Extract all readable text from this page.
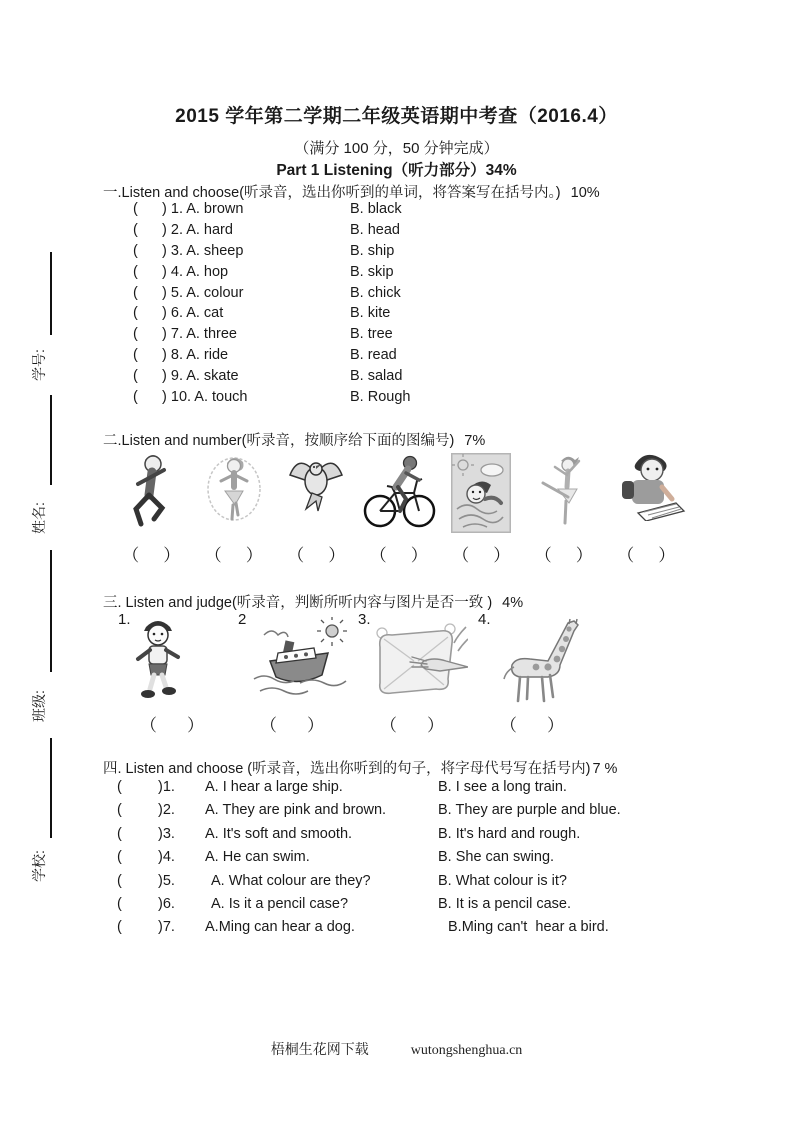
学号:
姓名:
班级:
学校:
2015 学年第二学期二年级英语期中考查（2016.4）
（满分 100 分，50 分钟完成）
Part 1 Listening（听力部分）34%
一.Listen and choose(听录音，选出你听到的单词，将答案写在括号内。) 10%
( ) 1. A. brown	B. black
( ) 2. A. hard	B. head
( ) 3. A. sheep	B. ship
( ) 4. A. hop	B. skip
( ) 5. A. colour	B. chick
( ) 6. A. cat	B. kite
( ) 7. A. three	B. tree
( ) 8. A. ride	B. read
( ) 9. A. skate	B. salad
( ) 10. A. touch	B. Rough
二.Listen and number(听录音，按顺序给下面的图编号) 7%
（ ）	（ ）	（ ）	（ ）	（ ）	（ ）	（ ）
三. Listen and judge(听录音，判断所听内容与图片是否一致 ) 4%
1.	2	3.	4.
（ ）	（ ）	（ ）	（ ）
四. Listen and choose (听录音，选出你听到的句子，将字母代号写在括号内) 7 %
( )1. A. I hear a large ship.	B. I see a long train.
( )2. A. They are pink and brown.	B. They are purple and blue.
( )3. A. It's soft and smooth.	B. It's hard and rough.
( )4. A. He can swim.	B. She can swing.
( )5. A. What colour are they?	B. What colour is it?
( )6. A. Is it a pencil case?	B. It is a pencil case.
( )7. A.Ming can hear a dog.	B.Ming can't  hear a bird.
梧桐生花网下载	wutongshenghua.cn
